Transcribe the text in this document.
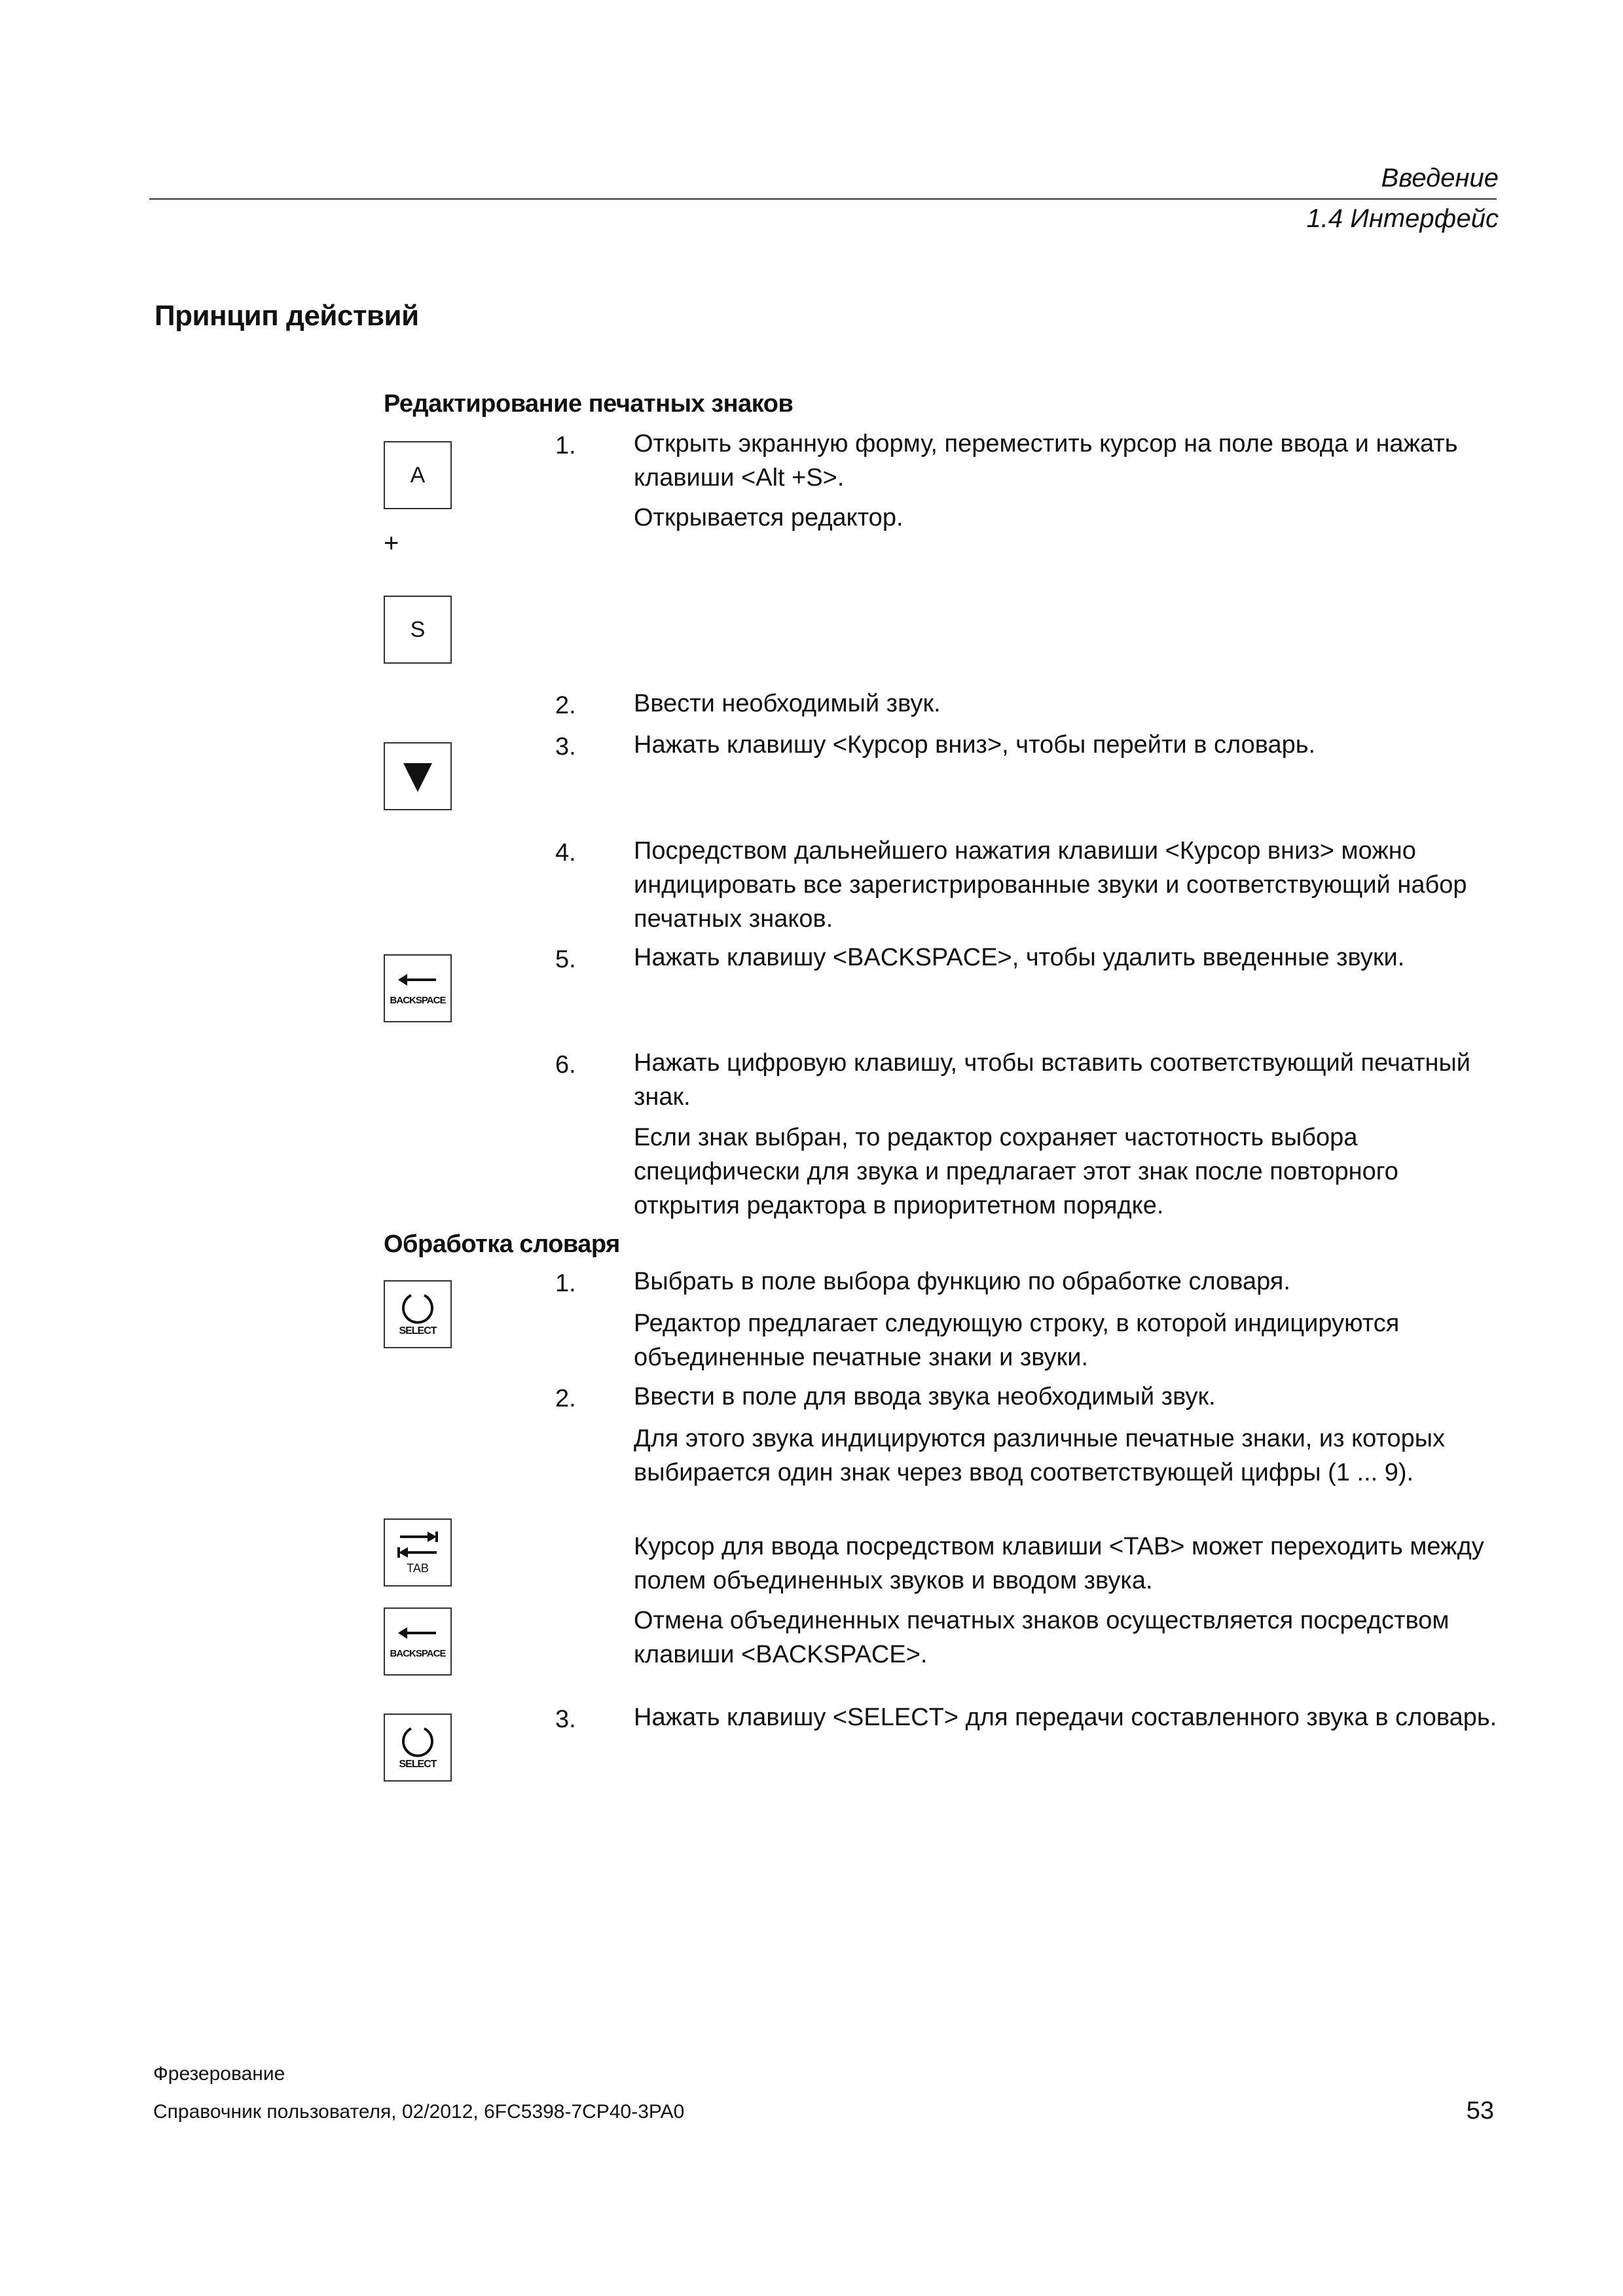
Введение
1.4 Интерфейс
Принцип действий
Редактирование печатных знаков
A
+
S
1. Открыть экранную форму, переместить курсор на поле ввода и нажать клавиши <Alt +S>.
Открывается редактор.
2. Ввести необходимый звук.
3. Нажать клавишу <Курсор вниз>, чтобы перейти в словарь.
4. Посредством дальнейшего нажатия клавиши <Курсор вниз> можно индицировать все зарегистрированные звуки и соответствующий набор печатных знаков.
BACKSPACE
5. Нажать клавишу <BACKSPACE>, чтобы удалить введенные звуки.
6. Нажать цифровую клавишу, чтобы вставить соответствующий печатный знак.
Если знак выбран, то редактор сохраняет частотность выбора специфически для звука и предлагает этот знак после повторного открытия редактора в приоритетном порядке.
Обработка словаря
SELECT
1. Выбрать в поле выбора функцию по обработке словаря.
Редактор предлагает следующую строку, в которой индицируются объединенные печатные знаки и звуки.
2. Ввести в поле для ввода звука необходимый звук.
Для этого звука индицируются различные печатные знаки, из которых выбирается один знак через ввод соответствующей цифры (1 ... 9).
TAB
Курсор для ввода посредством клавиши <TAB> может переходить между полем объединенных звуков и вводом звука.
BACKSPACE
Отмена объединенных печатных знаков осуществляется посредством клавиши <BACKSPACE>.
SELECT
3. Нажать клавишу <SELECT> для передачи составленного звука в словарь.
Фрезерование
Справочник пользователя, 02/2012, 6FC5398-7CP40-3PA0	53
